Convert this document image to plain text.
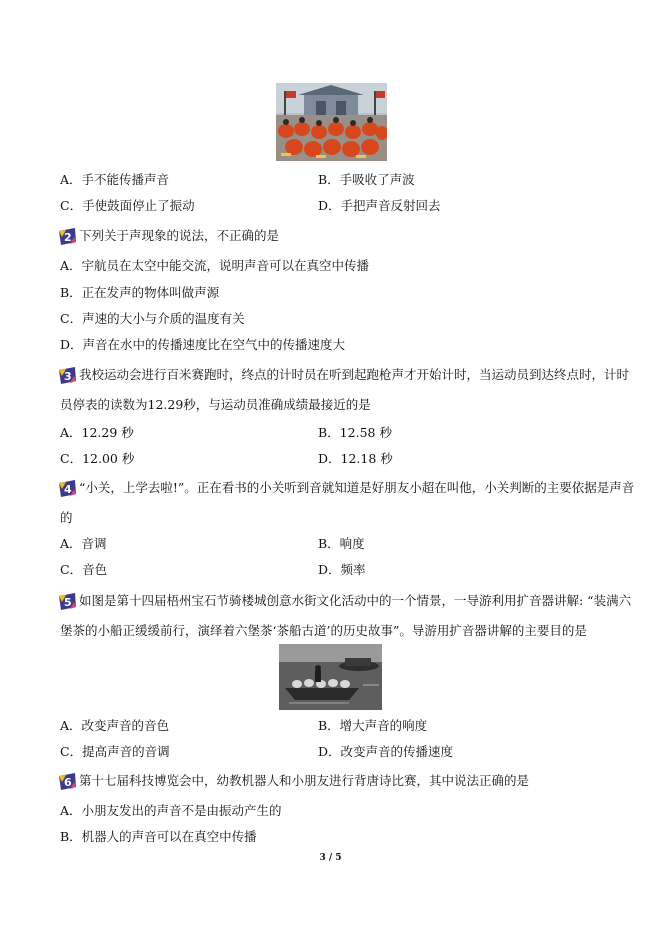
A．手不能传播声音	B．手吸收了声波
C．手使鼓面停止了振动	D．手把声音反射回去
2 下列关于声现象的说法，不正确的是
A．宇航员在太空中能交流，说明声音可以在真空中传播
B．正在发声的物体叫做声源
C．声速的大小与介质的温度有关
D．声音在水中的传播速度比在空气中的传播速度大
3 我校运动会进行百米赛跑时，终点的计时员在听到起跑枪声才开始计时，当运动员到达终点时，计时
员停表的读数为12.29秒，与运动员准确成绩最接近的是
A．12.29 秒	B．12.58 秒
C．12.00 秒	D．12.18 秒
4 “小关，上学去啦!”。正在看书的小关听到音就知道是好朋友小超在叫他，小关判断的主要依据是声音
的
A．音调	B．响度
C．音色	D．频率
5 如图是第十四届梧州宝石节骑楼城创意水街文化活动中的一个情景，一导游利用扩音器讲解: “装满六
堡茶的小船正缓缓前行，演绎着六堡茶‘茶船古道’的历史故事”。导游用扩音器讲解的主要目的是
A．改变声音的音色	B．增大声音的响度
C．提高声音的音调	D．改变声音的传播速度
6 第十七届科技博览会中，幼教机器人和小朋友进行背唐诗比赛，其中说法正确的是
A．小朋友发出的声音不是由振动产生的
B．机器人的声音可以在真空中传播
3 / 5
